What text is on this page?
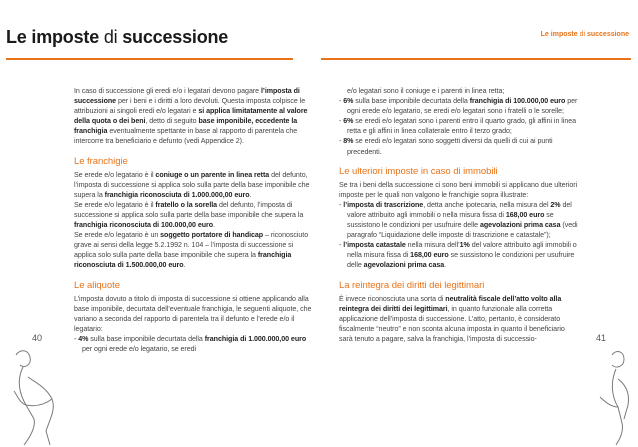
Le imposte di successione	Le imposte di successione

In caso di successione gli eredi e/o i legatari devono pagare l’imposta di successione per i beni e i diritti a loro devoluti. Questa imposta colpisce le attribuzioni ai singoli eredi e/o legatari e si applica limitatamente al valore della quota o dei beni, detto di seguito base imponibile, eccedente la franchigia eventualmente spettante in base al rapporto di parentela che intercorre tra beneficiario e defunto (vedi Appendice 2).

Le franchigie

Se erede e/o legatario è il coniuge o un parente in linea retta del defunto, l’imposta di successione si applica solo sulla parte della base imponibile che supera la franchigia riconosciuta di 1.000.000,00 euro.

Se erede e/o legatario è il fratello o la sorella del defunto, l’imposta di successione si applica solo sulla parte della base imponibile che supera la franchigia riconosciuta di 100.000,00 euro.

Se erede e/o legatario è un soggetto portatore di handicap – riconosciuto grave ai sensi della legge 5.2.1992 n. 104 – l’imposta di successione si applica solo sulla parte della base imponibile che supera la franchigia riconosciuta di 1.500.000,00 euro.

Le aliquote

L’imposta dovuto a titolo di imposta di successione si ottiene applicando alla base imponibile, decurtata dell’eventuale franchigia, le seguenti aliquote, che variano a seconda del rapporto di parentela tra il defunto e l’erede e/o il legatario:

- 4% sulla base imponibile decurtata della franchigia di 1.000.000,00 euro per ogni erede e/o legatario, se eredi

e/o legatari sono il coniuge e i parenti in linea retta;

- 6% sulla base imponibile decurtata della franchigia di 100.000,00 euro per ogni erede e/o legatario, se eredi e/o legatari sono i fratelli o le sorelle;

- 6% se eredi e/o legatari sono i parenti entro il quarto grado, gli affini in linea retta e gli affini in linea collaterale entro il terzo grado;

- 8% se eredi e/o legatari sono soggetti diversi da quelli di cui ai punti precedenti.

Le ulteriori imposte in caso di immobili

Se tra i beni della successione ci sono beni immobili si applicano due ulteriori imposte per le quali non valgono le franchigie sopra illustrate:

- l’imposta di trascrizione, detta anche ipotecaria, nella misura del 2% del valore attribuito agli immobili o nella misura fissa di 168,00 euro se sussistono le condizioni per usufruire delle agevolazioni prima casa (vedi paragrafo “Liquidazione delle imposte di trascrizione e catastale”);

- l’imposta catastale nella misura dell’1% del valore attribuito agli immobili o nella misura fissa di 168,00 euro se sussistono le condizioni per usufruire delle agevolazioni prima casa.

La reintegra dei diritti dei legittimari

È invece riconosciuta una sorta di neutralità fiscale dell’atto volto alla reintegra dei diritti dei legittimari, in quanto funzionale alla corretta applicazione dell’imposta di successione. L’atto, pertanto, è considerato fiscalmente “neutro” e non sconta alcuna imposta in quanto il beneficiario sarà tenuto a pagare, salva la franchigia, l’imposta di successio-

40	41
